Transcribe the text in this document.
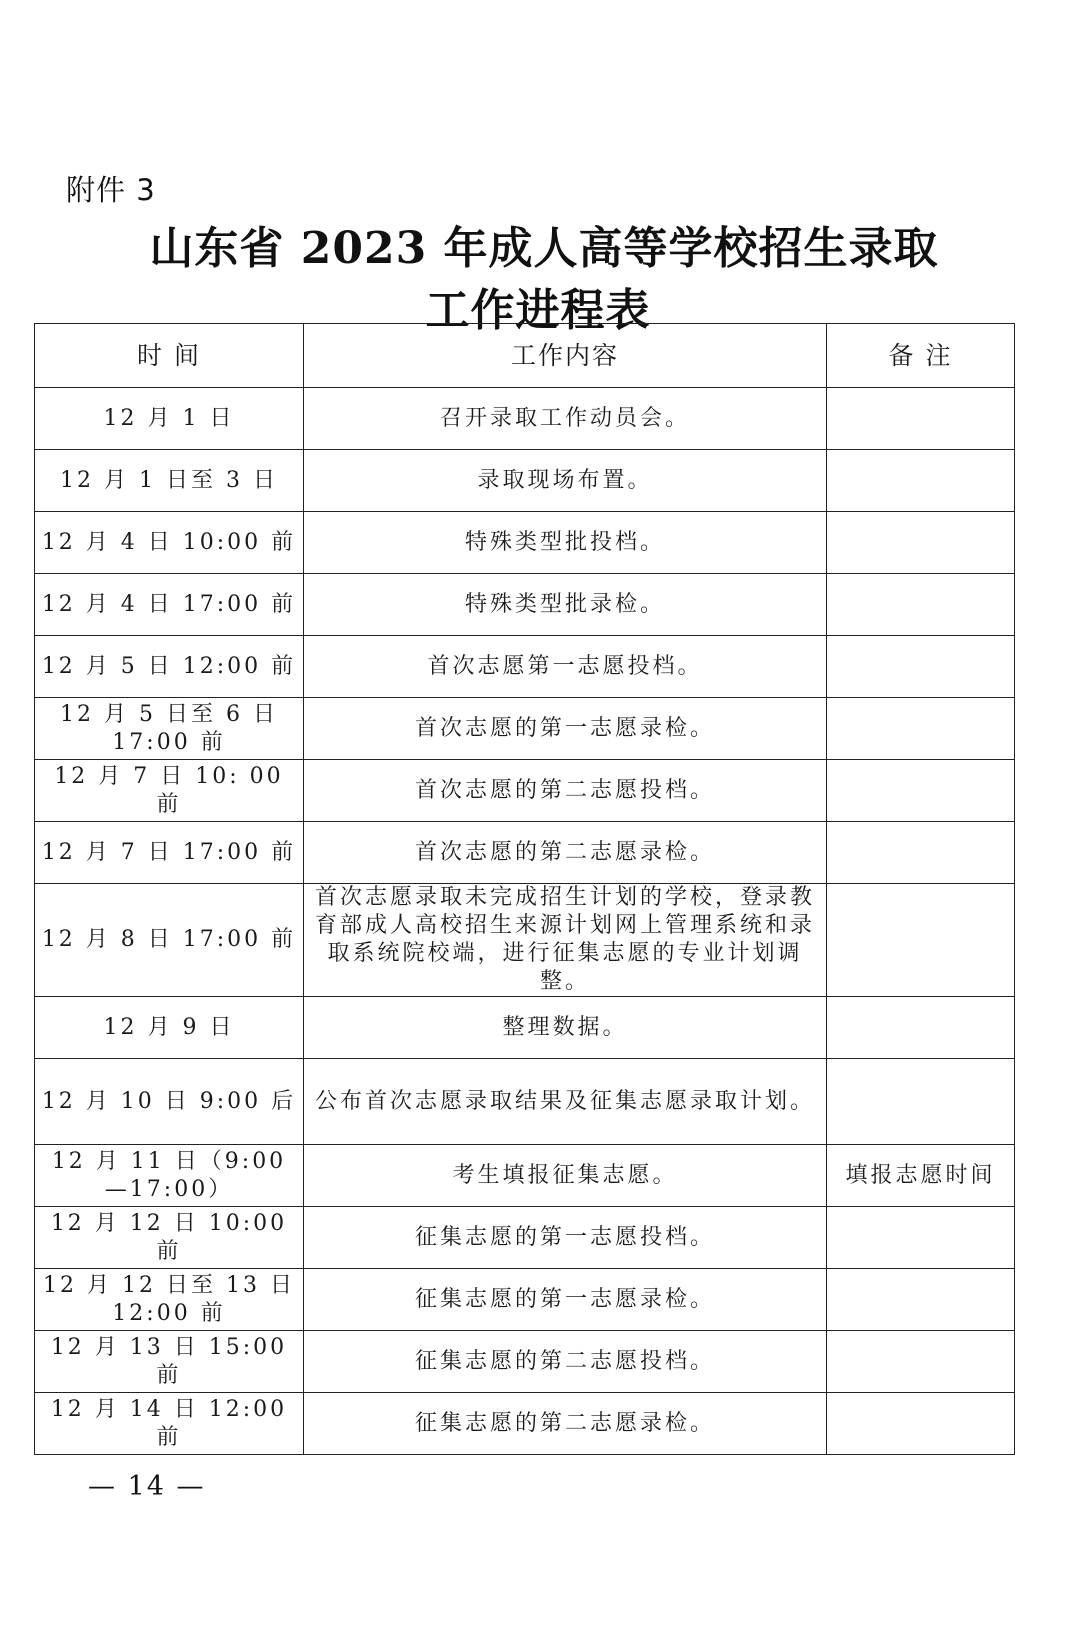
附件 3
山东省 2023 年成人高等学校招生录取
工作进程表
时 间	工作内容	备 注
12 月 1 日	召开录取工作动员会。	
12 月 1 日至 3 日	录取现场布置。	
12 月 4 日 10:00 前	特殊类型批投档。	
12 月 4 日 17:00 前	特殊类型批录检。	
12 月 5 日 12:00 前	首次志愿第一志愿投档。	
12 月 5 日至 6 日 17:00 前	首次志愿的第一志愿录检。	
12 月 7 日 10: 00 前	首次志愿的第二志愿投档。	
12 月 7 日 17:00 前	首次志愿的第二志愿录检。	
12 月 8 日 17:00 前	首次志愿录取未完成招生计划的学校，登录教育部成人高校招生来源计划网上管理系统和录取系统院校端，进行征集志愿的专业计划调整。	
12 月 9 日	整理数据。	
12 月 10 日 9:00 后	公布首次志愿录取结果及征集志愿录取计划。	
12 月 11 日（9:00—17:00）	考生填报征集志愿。	填报志愿时间
12 月 12 日 10:00 前	征集志愿的第一志愿投档。	
12 月 12 日至 13 日 12:00 前	征集志愿的第一志愿录检。	
12 月 13 日 15:00 前	征集志愿的第二志愿投档。	
12 月 14 日 12:00 前	征集志愿的第二志愿录检。	
— 14 —
